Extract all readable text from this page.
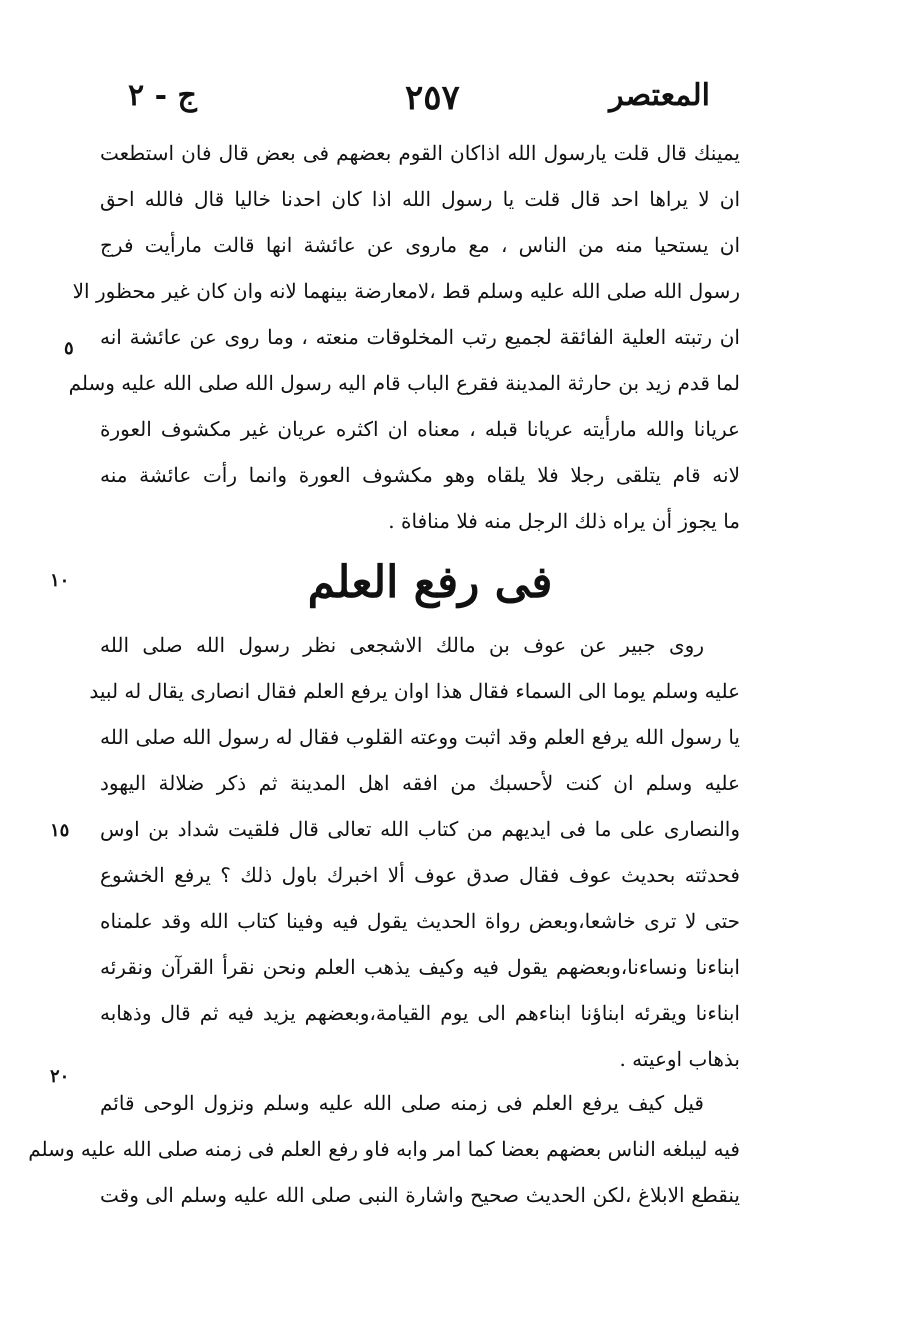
ج - ٢	٢٥٧	المعتصر
يمينك قال قلت يارسول الله اذاكان القوم بعضهم فى بعض قال فان استطعت
ان لا يراها احد قال قلت يا رسول الله اذا كان احدنا خاليا قال فالله احق
ان يستحيا منه من الناس ، مع ماروى عن عائشة انها قالت مارأيت فرج
رسول الله صلى الله عليه وسلم قط ،لامعارضة بينهما لانه وان كان غير محظور الا
ان رتبته العلية الفائقة لجميع رتب المخلوقات منعته ، وما روى عن عائشة انه
لما قدم زيد بن حارثة المدينة فقرع الباب قام اليه رسول الله صلى الله عليه وسلم
عريانا والله مارأيته عريانا قبله ، معناه ان اكثره عريان غير مكشوف العورة
لانه قام يتلقى رجلا فلا يلقاه وهو مكشوف العورة وانما رأت عائشة منه
ما يجوز أن يراه ذلك الرجل منه فلا منافاة .
٥
فى رفع العلم
١٠
روى جبير عن عوف بن مالك الاشجعى نظر رسول الله صلى الله
عليه وسلم يوما الى السماء فقال هذا اوان يرفع العلم فقال انصارى يقال له لبيد
يا رسول الله يرفع العلم وقد اثبت ووعته القلوب فقال له رسول الله صلى الله
عليه وسلم ان كنت لأحسبك من افقه اهل المدينة ثم ذكر ضلالة اليهود
والنصارى على ما فى ايديهم من كتاب الله تعالى قال فلقيت شداد بن اوس
فحدثته بحديث عوف فقال صدق عوف ألا اخبرك باول ذلك ؟ يرفع الخشوع
حتى لا ترى خاشعا،وبعض رواة الحديث يقول فيه وفينا كتاب الله وقد علمناه
ابناءنا ونساءنا،وبعضهم يقول فيه وكيف يذهب العلم ونحن نقرأ القرآن ونقرئه
ابناءنا ويقرئه ابناؤنا ابناءهم الى يوم القيامة،وبعضهم يزيد فيه ثم قال وذهابه
بذهاب اوعيته .
١٥
٢٠
قيل كيف يرفع العلم فى زمنه صلى الله عليه وسلم ونزول الوحى قائم
فيه ليبلغه الناس بعضهم بعضا كما امر وابه فاو رفع العلم فى زمنه صلى الله عليه وسلم
ينقطع الابلاغ ،لكن الحديث صحيح واشارة النبى صلى الله عليه وسلم الى وقت
